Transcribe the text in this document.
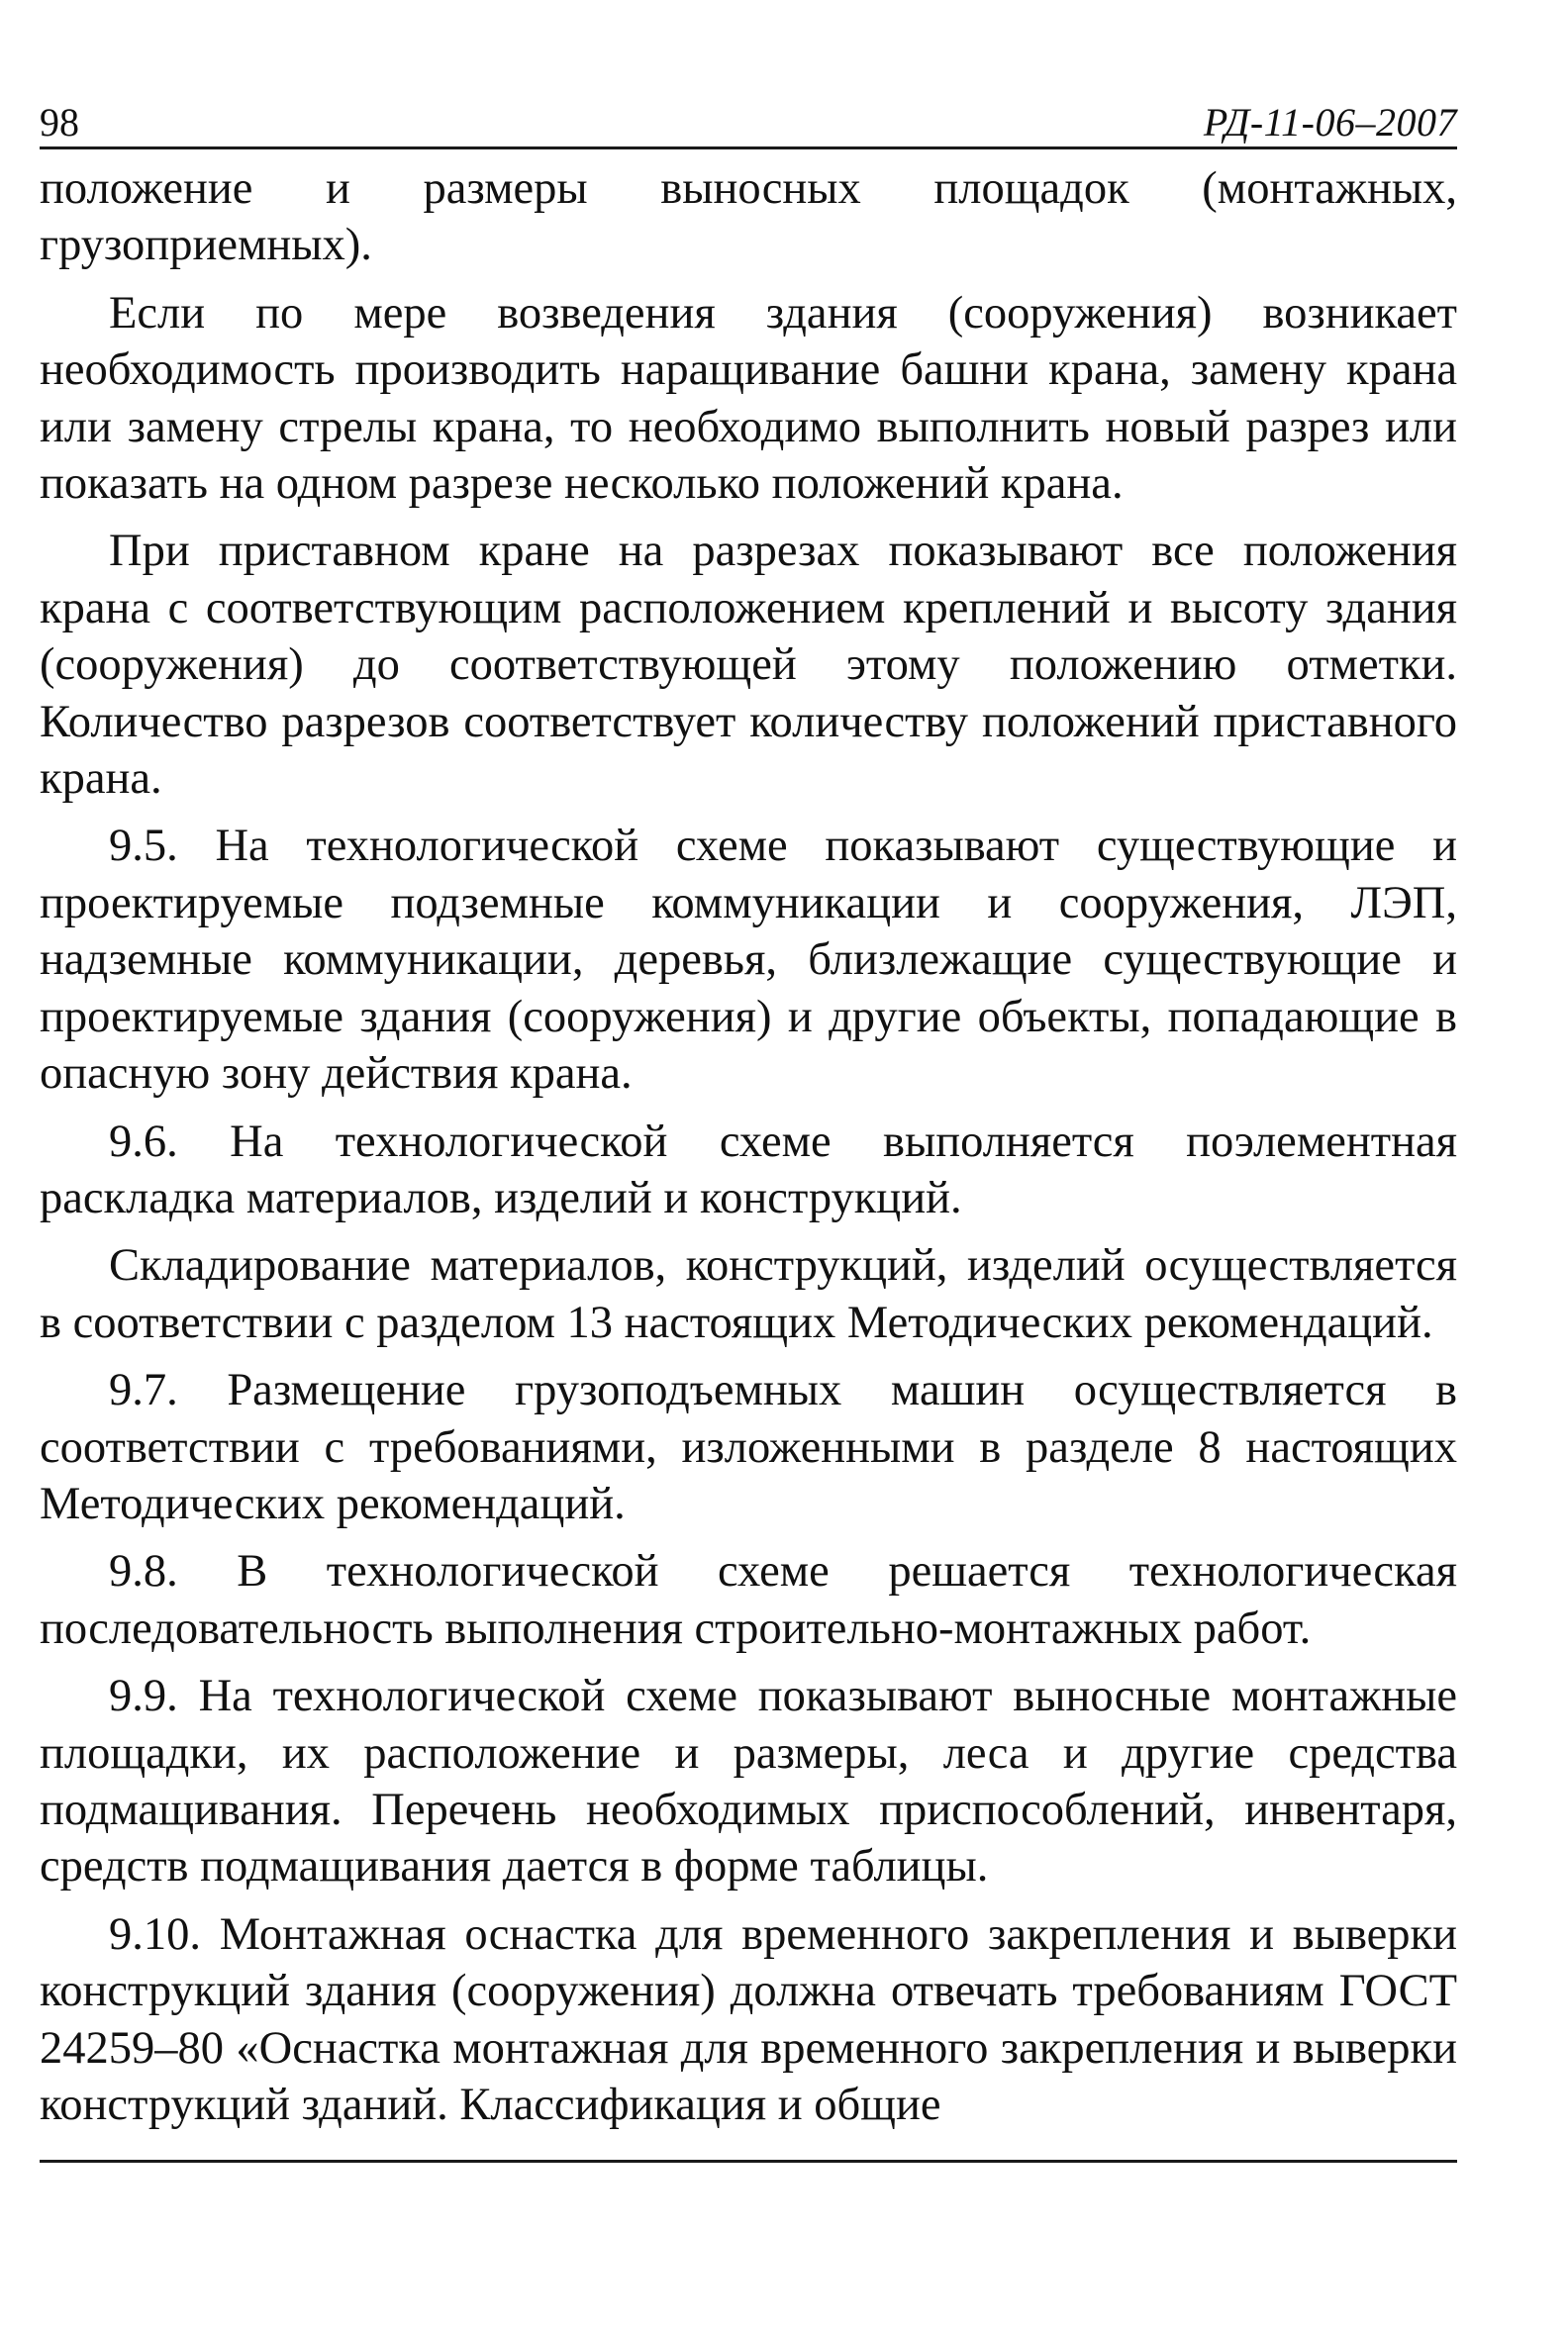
98	РД-11-06–2007

положение и размеры выносных площадок (монтажных, грузоприемных).

Если по мере возведения здания (сооружения) возникает необходимость производить наращивание башни крана, замену крана или замену стрелы крана, то необходимо выполнить новый разрез или показать на одном разрезе несколько положений крана.

При приставном кране на разрезах показывают все положения крана с соответствующим расположением креплений и высоту здания (сооружения) до соответствующей этому положению отметки. Количество разрезов соответствует количеству положений приставного крана.

9.5. На технологической схеме показывают существующие и проектируемые подземные коммуникации и сооружения, ЛЭП, надземные коммуникации, деревья, близлежащие существующие и проектируемые здания (сооружения) и другие объекты, попадающие в опасную зону действия крана.

9.6. На технологической схеме выполняется поэлементная раскладка материалов, изделий и конструкций.

Складирование материалов, конструкций, изделий осуществляется в соответствии с разделом 13 настоящих Методических рекомендаций.

9.7. Размещение грузоподъемных машин осуществляется в соответствии с требованиями, изложенными в разделе 8 настоящих Методических рекомендаций.

9.8. В технологической схеме решается технологическая последовательность выполнения строительно-монтажных работ.

9.9. На технологической схеме показывают выносные монтажные площадки, их расположение и размеры, леса и другие средства подмащивания. Перечень необходимых приспособлений, инвентаря, средств подмащивания дается в форме таблицы.

9.10. Монтажная оснастка для временного закрепления и выверки конструкций здания (сооружения) должна отвечать требованиям ГОСТ 24259–80 «Оснастка монтажная для временного закрепления и выверки конструкций зданий. Классификация и общие
